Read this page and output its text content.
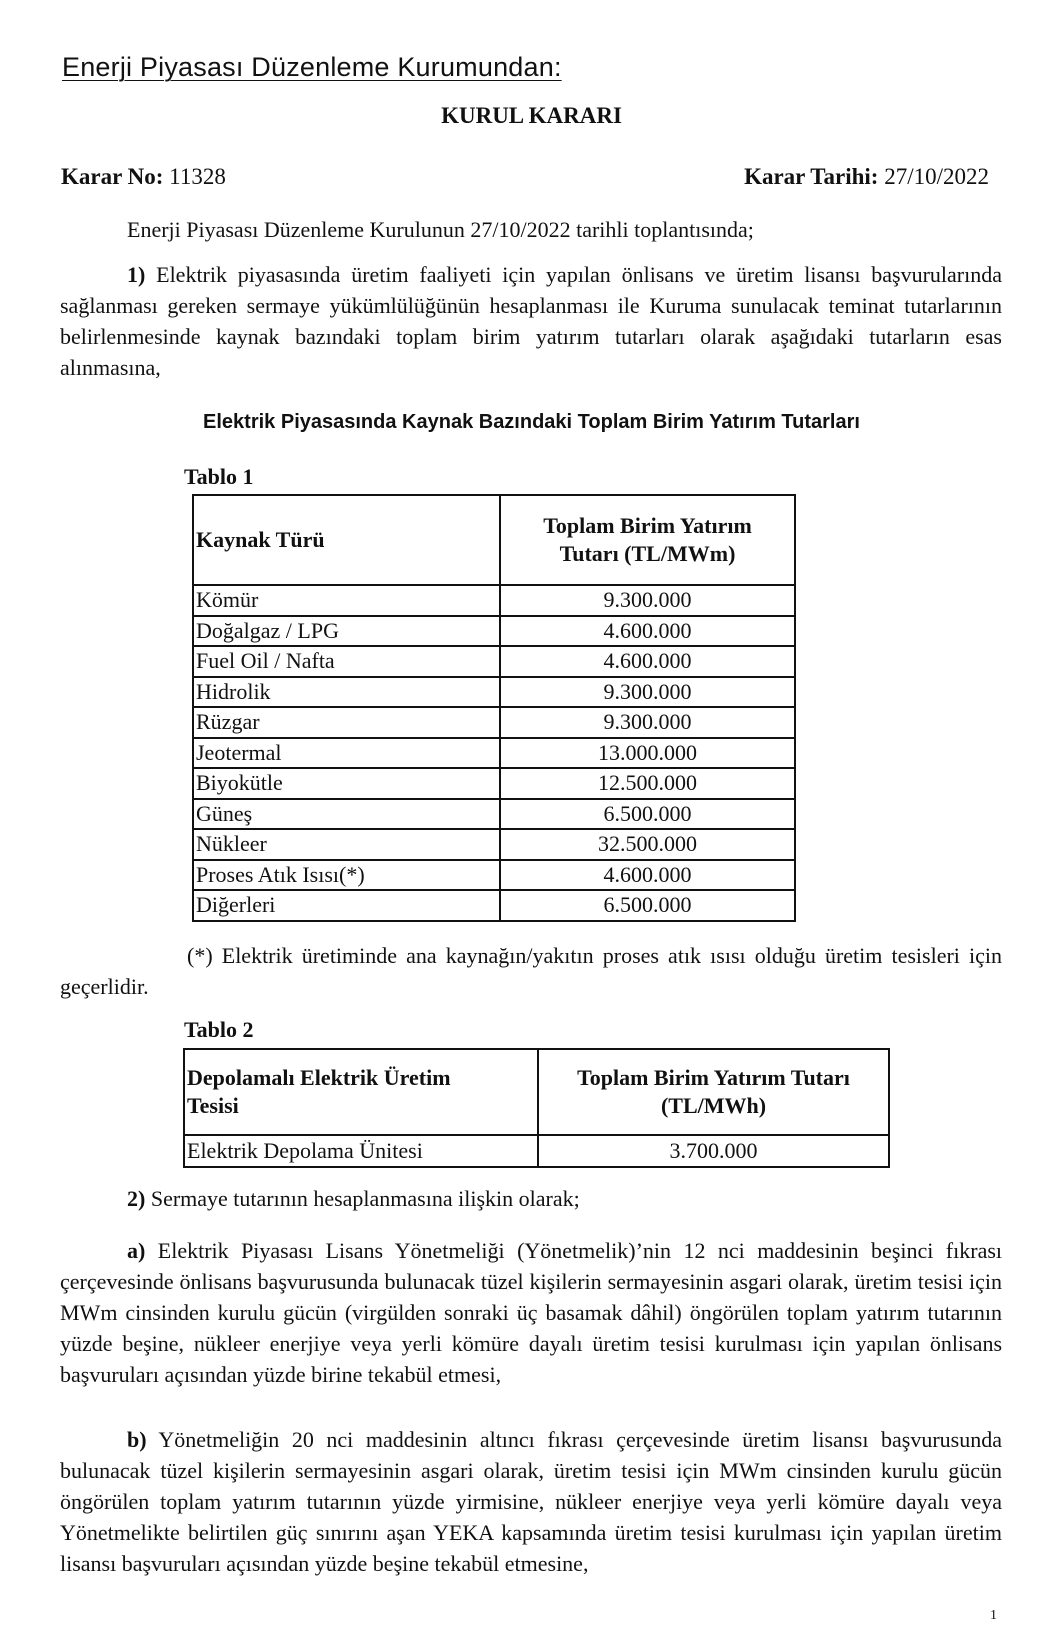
Enerji Piyasası Düzenleme Kurumundan:
KURUL KARARI
Karar No: 11328	Karar Tarihi: 27/10/2022

Enerji Piyasası Düzenleme Kurulunun 27/10/2022 tarihli toplantısında;

1) Elektrik piyasasında üretim faaliyeti için yapılan önlisans ve üretim lisansı başvurularında sağlanması gereken sermaye yükümlülüğünün hesaplanması ile Kuruma sunulacak teminat tutarlarının belirlenmesinde kaynak bazındaki toplam birim yatırım tutarları olarak aşağıdaki tutarların esas alınmasına,

Elektrik Piyasasında Kaynak Bazındaki Toplam Birim Yatırım Tutarları
Tablo 1
Kaynak Türü	Toplam Birim Yatırım
Tutarı (TL/MWm)
Kömür	9.300.000
Doğalgaz / LPG	4.600.000
Fuel Oil / Nafta	4.600.000
Hidrolik	9.300.000
Rüzgar	9.300.000
Jeotermal	13.000.000
Biyokütle	12.500.000
Güneş	6.500.000
Nükleer	32.500.000
Proses Atık Isısı(*)	4.600.000
Diğerleri	6.500.000

(*) Elektrik üretiminde ana kaynağın/yakıtın proses atık ısısı olduğu üretim tesisleri için geçerlidir.

Tablo 2
Depolamalı Elektrik Üretim
Tesisi	Toplam Birim Yatırım Tutarı
(TL/MWh)
Elektrik Depolama Ünitesi	3.700.000

2) Sermaye tutarının hesaplanmasına ilişkin olarak;

a) Elektrik Piyasası Lisans Yönetmeliği (Yönetmelik)’nin 12 nci maddesinin beşinci fıkrası çerçevesinde önlisans başvurusunda bulunacak tüzel kişilerin sermayesinin asgari olarak, üretim tesisi için MWm cinsinden kurulu gücün (virgülden sonraki üç basamak dâhil) öngörülen toplam yatırım tutarının yüzde beşine, nükleer enerjiye veya yerli kömüre dayalı üretim tesisi kurulması için yapılan önlisans başvuruları açısından yüzde birine tekabül etmesi,

b) Yönetmeliğin 20 nci maddesinin altıncı fıkrası çerçevesinde üretim lisansı başvurusunda bulunacak tüzel kişilerin sermayesinin asgari olarak, üretim tesisi için MWm cinsinden kurulu gücün öngörülen toplam yatırım tutarının yüzde yirmisine, nükleer enerjiye veya yerli kömüre dayalı veya Yönetmelikte belirtilen güç sınırını aşan YEKA kapsamında üretim tesisi kurulması için yapılan üretim lisansı başvuruları açısından yüzde beşine tekabül etmesine,

1
